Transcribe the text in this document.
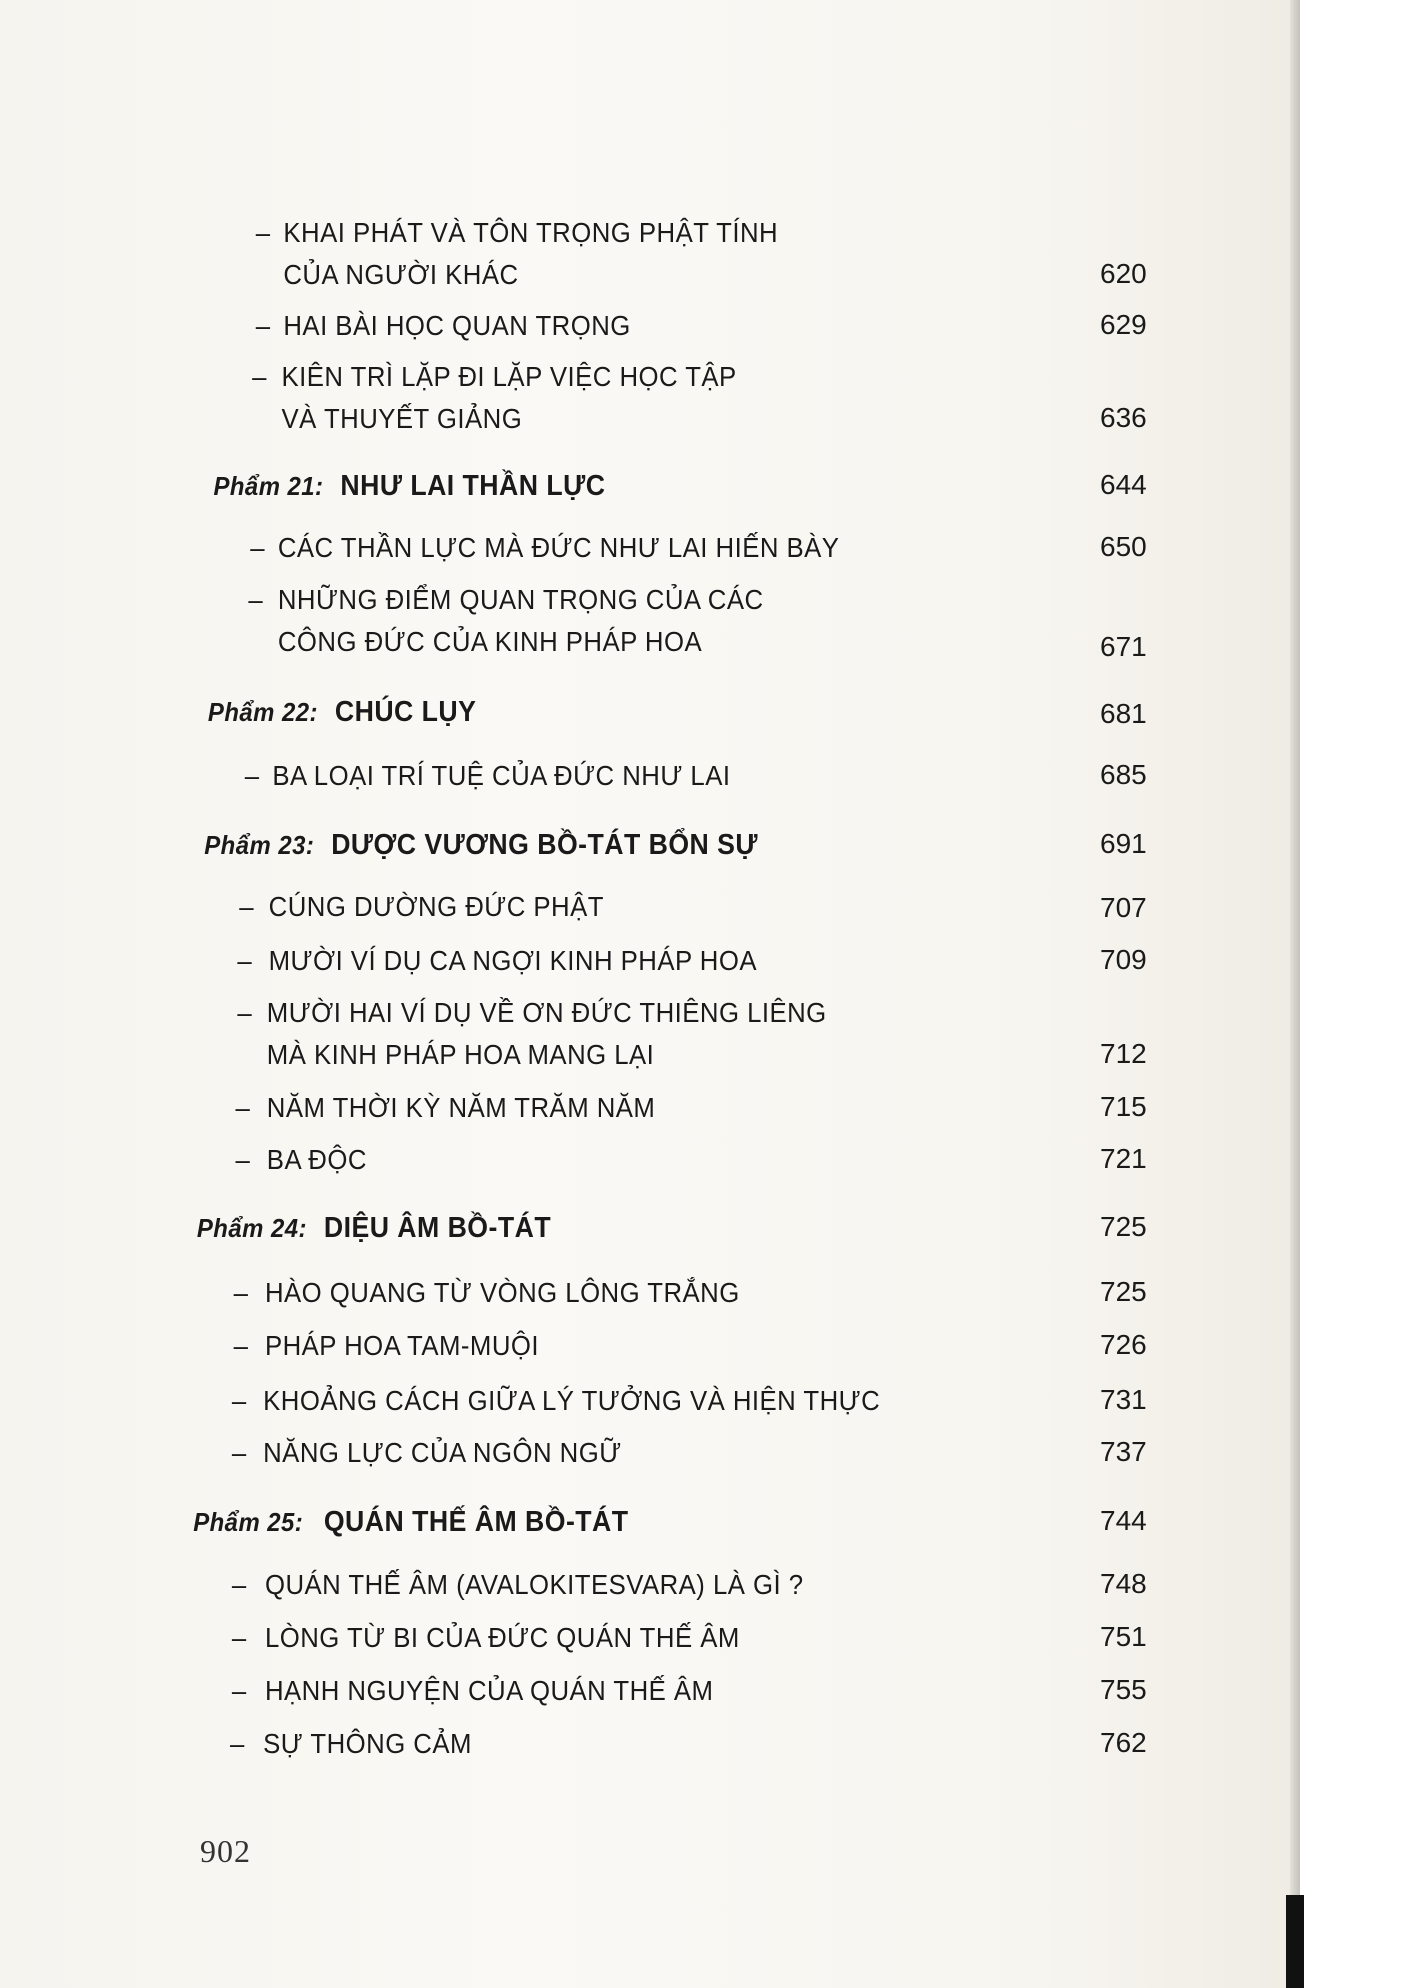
– KHAI PHÁT VÀ TÔN TRỌNG PHẬT TÍNH
CỦA NGƯỜI KHÁC	620
– HAI BÀI HỌC QUAN TRỌNG	629
– KIÊN TRÌ LẶP ĐI LẶP VIỆC HỌC TẬP
VÀ THUYẾT GIẢNG	636
Phẩm 21: NHƯ LAI THẦN LỰC	644
– CÁC THẦN LỰC MÀ ĐỨC NHƯ LAI HIẾN BÀY	650
– NHỮNG ĐIỂM QUAN TRỌNG CỦA CÁC
CÔNG ĐỨC CỦA KINH PHÁP HOA	671
Phẩm 22: CHÚC LỤY	681
– BA LOẠI TRÍ TUỆ CỦA ĐỨC NHƯ LAI	685
Phẩm 23: DƯỢC VƯƠNG BỒ-TÁT BỔN SỰ	691
– CÚNG DƯỜNG ĐỨC PHẬT	707
– MƯỜI VÍ DỤ CA NGỢI KINH PHÁP HOA	709
– MƯỜI HAI VÍ DỤ VỀ ƠN ĐỨC THIÊNG LIÊNG
MÀ KINH PHÁP HOA MANG LẠI	712
– NĂM THỜI KỲ NĂM TRĂM NĂM	715
– BA ĐỘC	721
Phẩm 24: DIỆU ÂM BỒ-TÁT	725
– HÀO QUANG TỪ VÒNG LÔNG TRẮNG	725
– PHÁP HOA TAM-MUỘI	726
– KHOẢNG CÁCH GIỮA LÝ TƯỞNG VÀ HIỆN THỰC	731
– NĂNG LỰC CỦA NGÔN NGỮ	737
Phẩm 25: QUÁN THẾ ÂM BỒ-TÁT	744
– QUÁN THẾ ÂM (AVALOKITESVARA) LÀ GÌ ?	748
– LÒNG TỪ BI CỦA ĐỨC QUÁN THẾ ÂM	751
– HẠNH NGUYỆN CỦA QUÁN THẾ ÂM	755
– SỰ THÔNG CẢM	762
902
